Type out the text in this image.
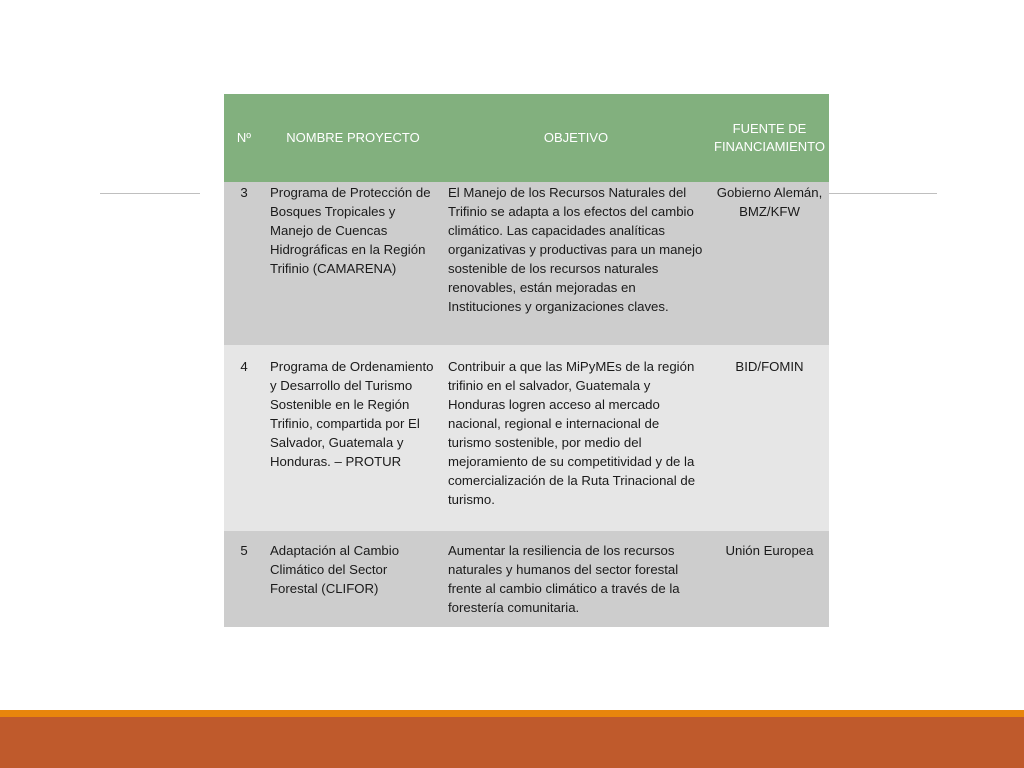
Nº	NOMBRE PROYECTO	OBJETIVO	FUENTE DE FINANCIAMIENTO
3	Programa de Protección de Bosques Tropicales y Manejo de Cuencas Hidrográficas en la Región Trifinio (CAMARENA)	El Manejo de los Recursos Naturales del Trifinio se adapta a los efectos del cambio climático. Las capacidades analíticas organizativas y productivas para un manejo sostenible de los recursos naturales renovables, están mejoradas en Instituciones y organizaciones claves.	Gobierno Alemán, BMZ/KFW
4	Programa de Ordenamiento y Desarrollo del Turismo Sostenible en le Región Trifinio, compartida por El Salvador, Guatemala y Honduras. – PROTUR	Contribuir a que las MiPyMEs de la región trifinio en el salvador, Guatemala y Honduras logren acceso al mercado nacional, regional e internacional de turismo sostenible, por medio del mejoramiento de su competitividad y de la comercialización de la Ruta Trinacional de turismo.	BID/FOMIN
5	Adaptación al Cambio Climático del Sector Forestal (CLIFOR)	Aumentar la resiliencia de los recursos naturales y humanos del sector forestal frente al cambio climático a través de la forestería comunitaria.	Unión Europea
